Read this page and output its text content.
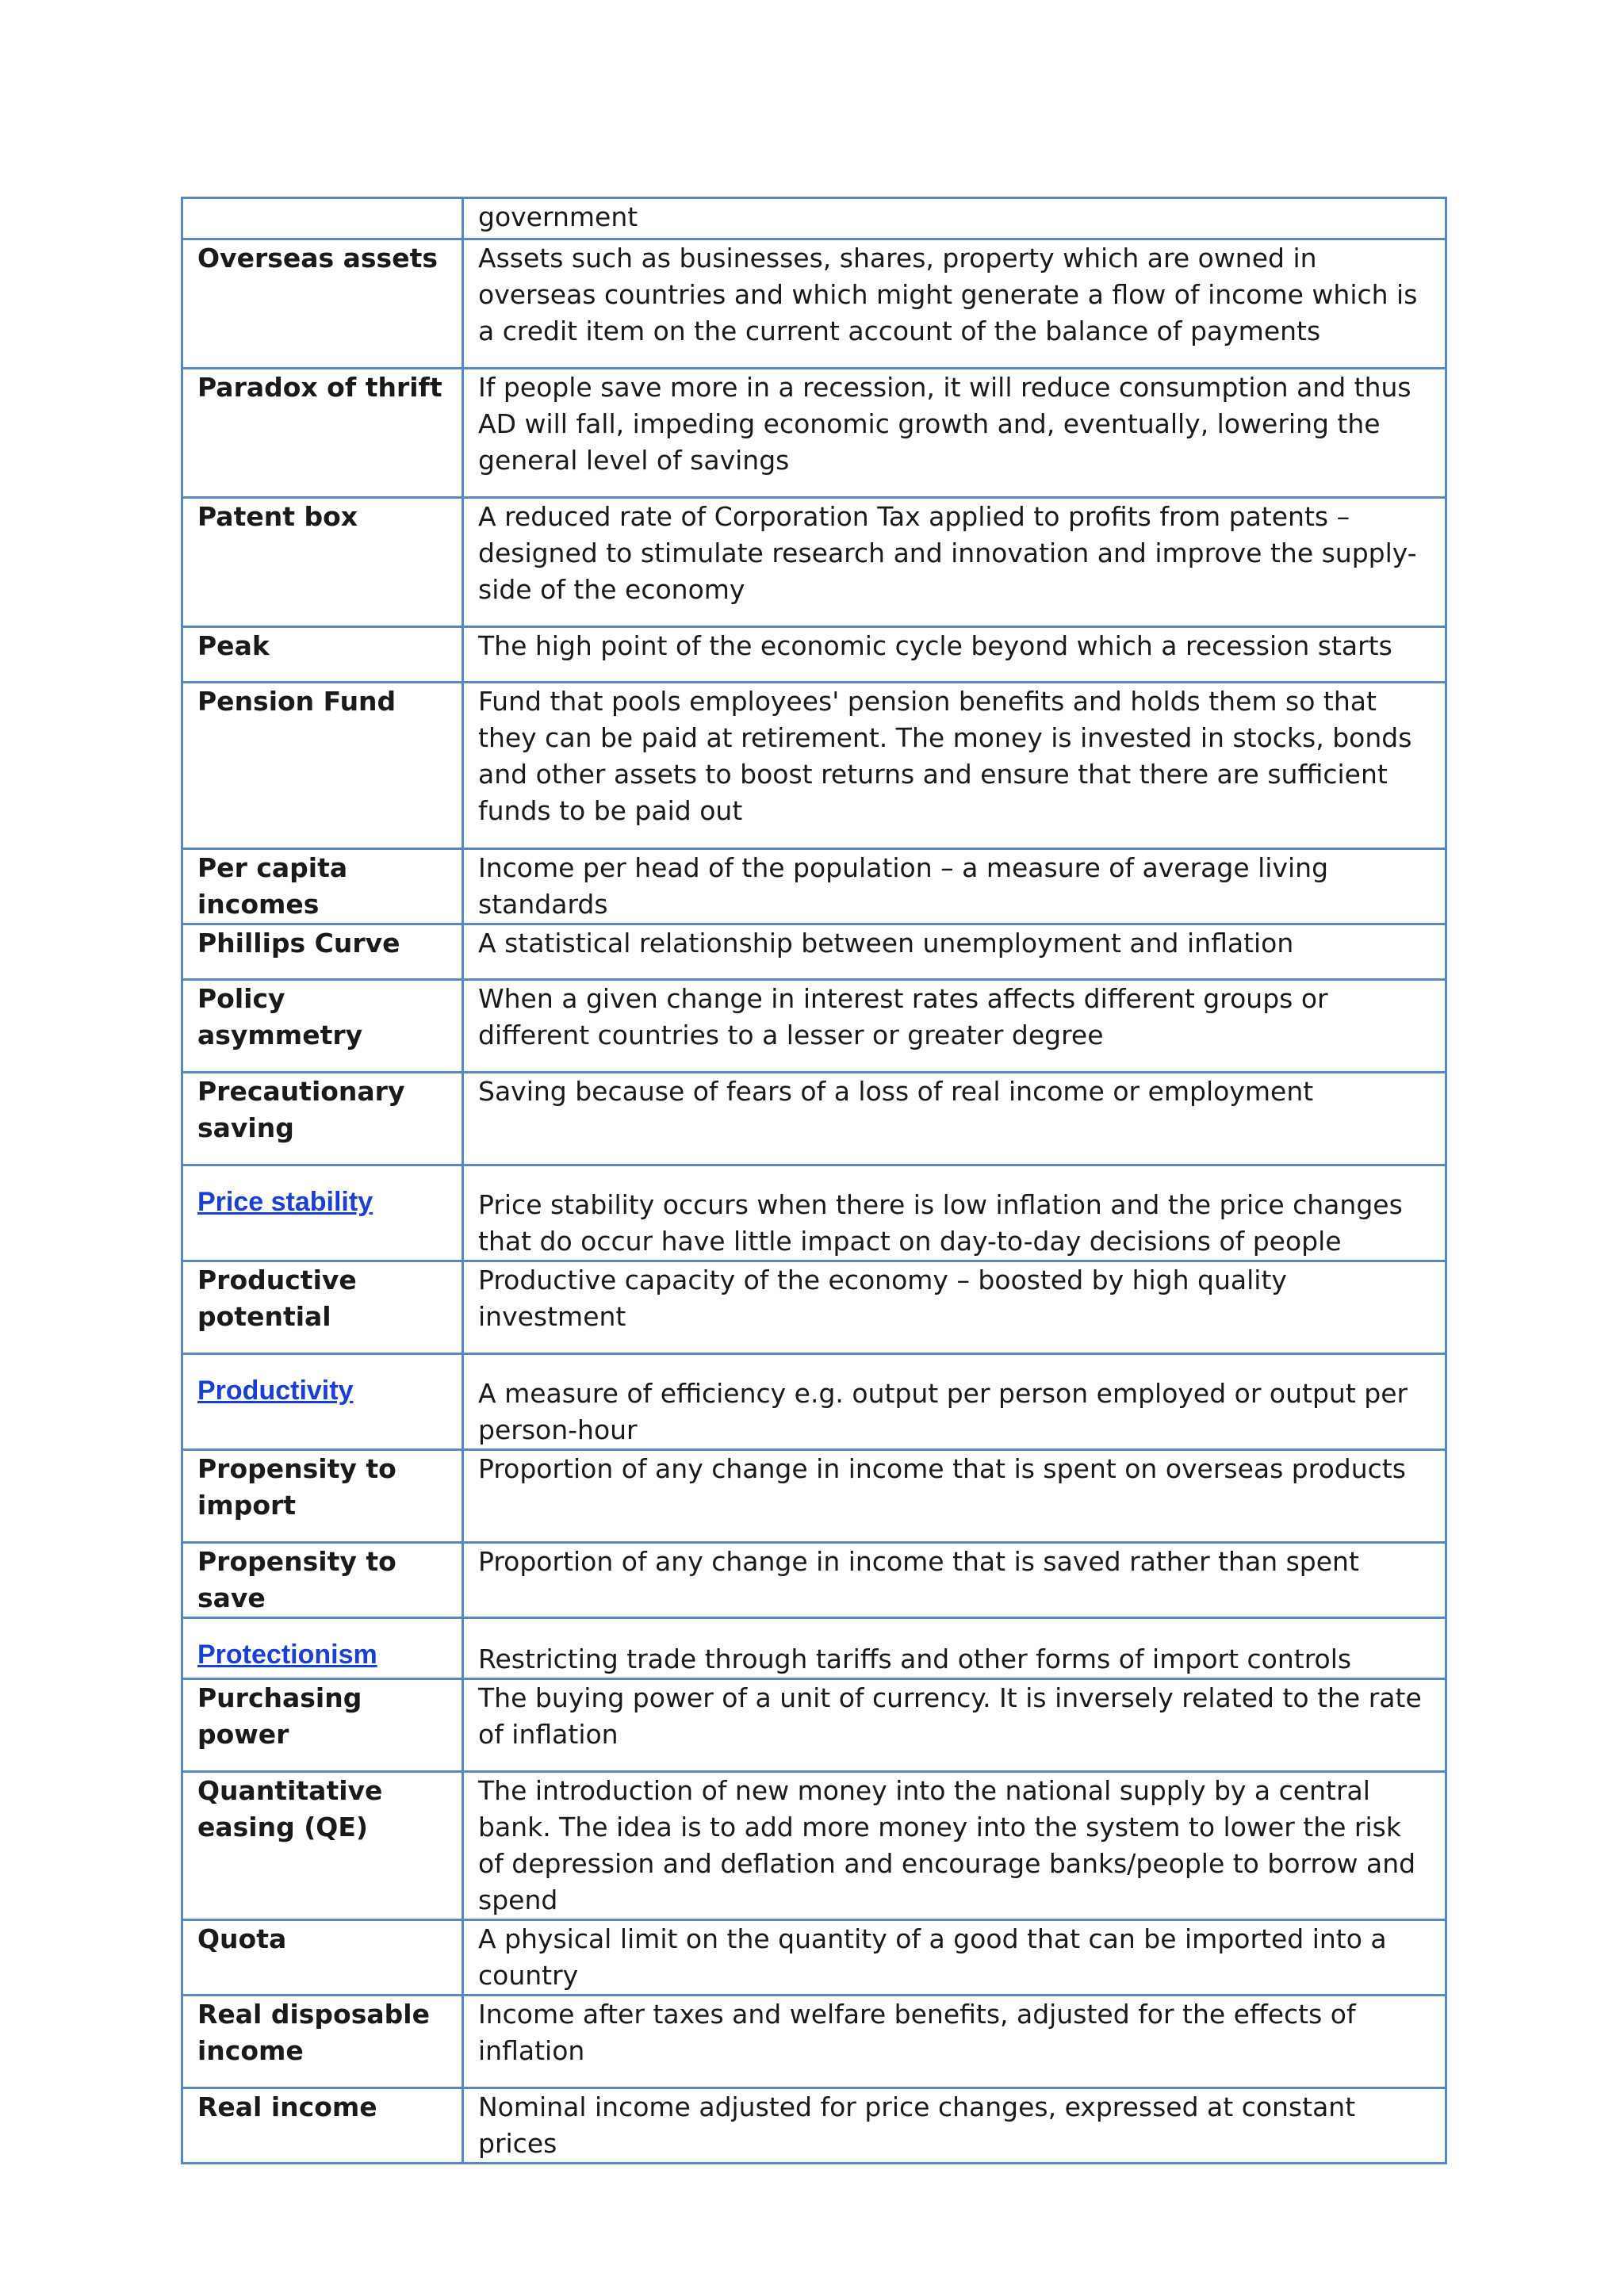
	government
Overseas assets	Assets such as businesses, shares, property which are owned in overseas countries and which might generate a flow of income which is a credit item on the current account of the balance of payments
Paradox of thrift	If people save more in a recession, it will reduce consumption and thus AD will fall, impeding economic growth and, eventually, lowering the general level of savings
Patent box	A reduced rate of Corporation Tax applied to profits from patents – designed to stimulate research and innovation and improve the supply-side of the economy
Peak	The high point of the economic cycle beyond which a recession starts
Pension Fund	Fund that pools employees' pension benefits and holds them so that they can be paid at retirement. The money is invested in stocks, bonds and other assets to boost returns and ensure that there are sufficient funds to be paid out
Per capita incomes	Income per head of the population – a measure of average living standards
Phillips Curve	A statistical relationship between unemployment and inflation
Policy asymmetry	When a given change in interest rates affects different groups or different countries to a lesser or greater degree
Precautionary saving	Saving because of fears of a loss of real income or employment
Price stability	Price stability occurs when there is low inflation and the price changes that do occur have little impact on day-to-day decisions of people
Productive potential	Productive capacity of the economy – boosted by high quality investment
Productivity	A measure of efficiency e.g. output per person employed or output per person-hour
Propensity to import	Proportion of any change in income that is spent on overseas products
Propensity to save	Proportion of any change in income that is saved rather than spent
Protectionism	Restricting trade through tariffs and other forms of import controls
Purchasing power	The buying power of a unit of currency. It is inversely related to the rate of inflation
Quantitative easing (QE)	The introduction of new money into the national supply by a central bank. The idea is to add more money into the system to lower the risk of depression and deflation and encourage banks/people to borrow and spend
Quota	A physical limit on the quantity of a good that can be imported into a country
Real disposable income	Income after taxes and welfare benefits, adjusted for the effects of inflation
Real income	Nominal income adjusted for price changes, expressed at constant prices
